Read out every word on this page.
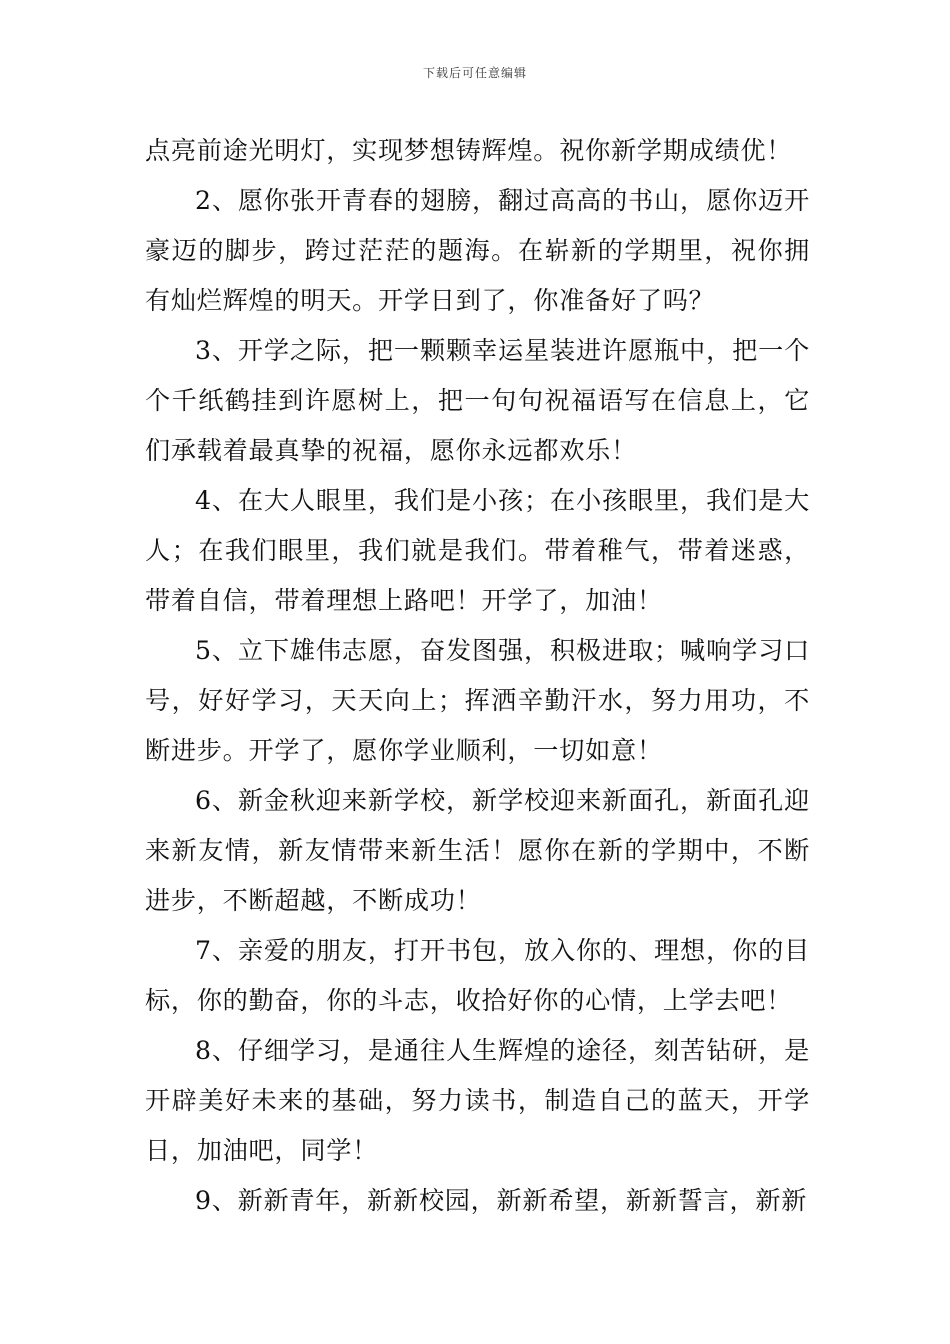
下载后可任意编辑

点亮前途光明灯，实现梦想铸辉煌。祝你新学期成绩优！

2、愿你张开青春的翅膀，翻过高高的书山，愿你迈开豪迈的脚步，跨过茫茫的题海。在崭新的学期里，祝你拥有灿烂辉煌的明天。开学日到了，你准备好了吗？

3、开学之际，把一颗颗幸运星装进许愿瓶中，把一个个千纸鹤挂到许愿树上，把一句句祝福语写在信息上，它们承载着最真挚的祝福，愿你永远都欢乐！

4、在大人眼里，我们是小孩；在小孩眼里，我们是大人；在我们眼里，我们就是我们。带着稚气，带着迷惑，带着自信，带着理想上路吧！开学了，加油！

5、立下雄伟志愿，奋发图强，积极进取；喊响学习口号，好好学习，天天向上；挥洒辛勤汗水，努力用功，不断进步。开学了，愿你学业顺利，一切如意！

6、新金秋迎来新学校，新学校迎来新面孔，新面孔迎来新友情，新友情带来新生活！愿你在新的学期中，不断进步，不断超越，不断成功！

7、亲爱的朋友，打开书包，放入你的、理想，你的目标，你的勤奋，你的斗志，收拾好你的心情，上学去吧！

8、仔细学习，是通往人生辉煌的途径，刻苦钻研，是开辟美好未来的基础，努力读书，制造自己的蓝天，开学日，加油吧，同学！

9、新新青年，新新校园，新新希望，新新誓言，新新
